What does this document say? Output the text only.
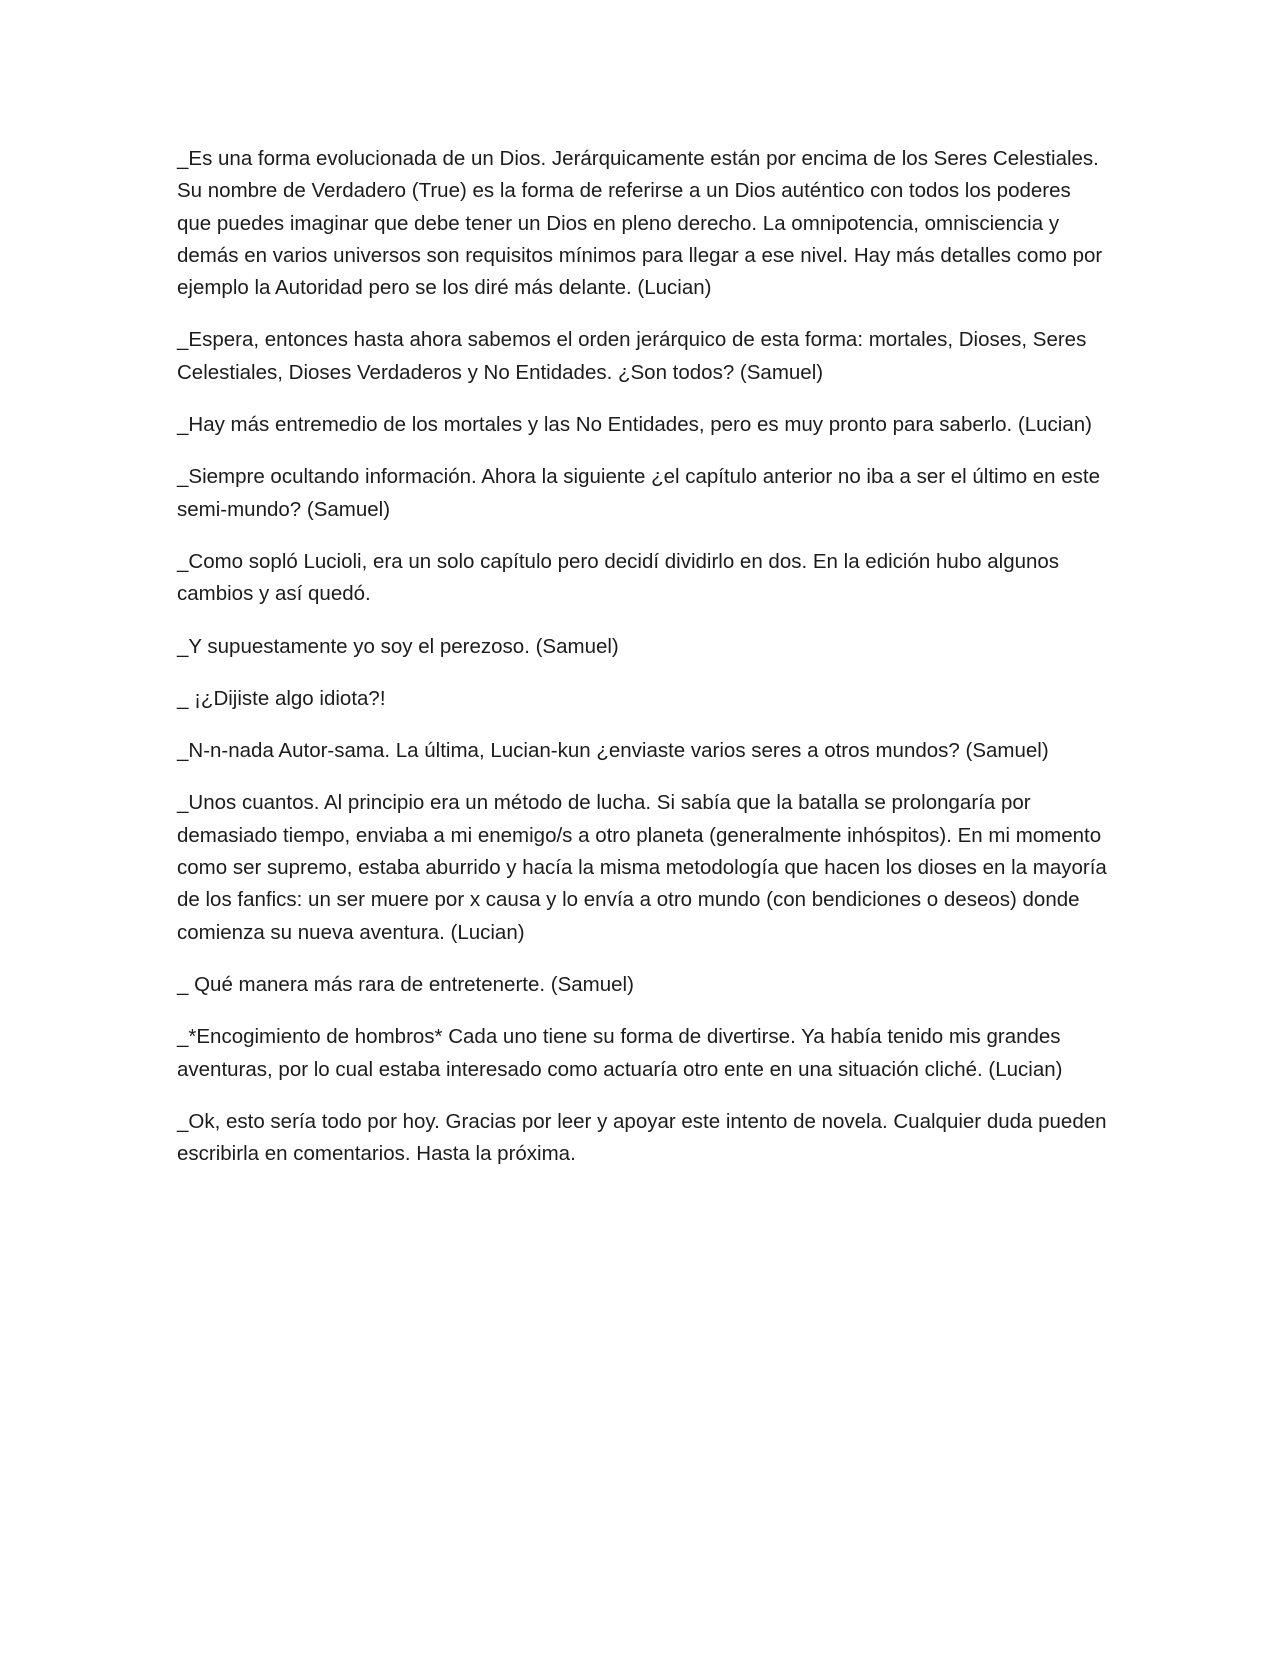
_Es una forma evolucionada de un Dios. Jerárquicamente están por encima de los Seres Celestiales. Su nombre de Verdadero (True) es la forma de referirse a un Dios auténtico con todos los poderes que puedes imaginar que debe tener un Dios en pleno derecho. La omnipotencia, omnisciencia y demás en varios universos son requisitos mínimos para llegar a ese nivel. Hay más detalles como por ejemplo la Autoridad pero se los diré más delante. (Lucian)

_Espera, entonces hasta ahora sabemos el orden jerárquico de esta forma: mortales, Dioses, Seres Celestiales, Dioses Verdaderos y No Entidades. ¿Son todos? (Samuel)

_Hay más entremedio de los mortales y las No Entidades, pero es muy pronto para saberlo. (Lucian)

_Siempre ocultando información. Ahora la siguiente ¿el capítulo anterior no iba a ser el último en este semi-mundo? (Samuel)

_Como sopló Lucioli, era un solo capítulo pero decidí dividirlo en dos. En la edición hubo algunos cambios y así quedó.

_Y supuestamente yo soy el perezoso. (Samuel)

_ ¡¿Dijiste algo idiota?!

_N-n-nada Autor-sama. La última, Lucian-kun ¿enviaste varios seres a otros mundos? (Samuel)

_Unos cuantos. Al principio era un método de lucha. Si sabía que la batalla se prolongaría por demasiado tiempo, enviaba a mi enemigo/s a otro planeta (generalmente inhóspitos). En mi momento como ser supremo, estaba aburrido y hacía la misma metodología que hacen los dioses en la mayoría de los fanfics: un ser muere por x causa y lo envía a otro mundo (con bendiciones o deseos) donde comienza su nueva aventura. (Lucian)

_ Qué manera más rara de entretenerte. (Samuel)

_*Encogimiento de hombros* Cada uno tiene su forma de divertirse. Ya había tenido mis grandes aventuras, por lo cual estaba interesado como actuaría otro ente en una situación cliché. (Lucian)

_Ok, esto sería todo por hoy. Gracias por leer y apoyar este intento de novela. Cualquier duda pueden escribirla en comentarios. Hasta la próxima.
